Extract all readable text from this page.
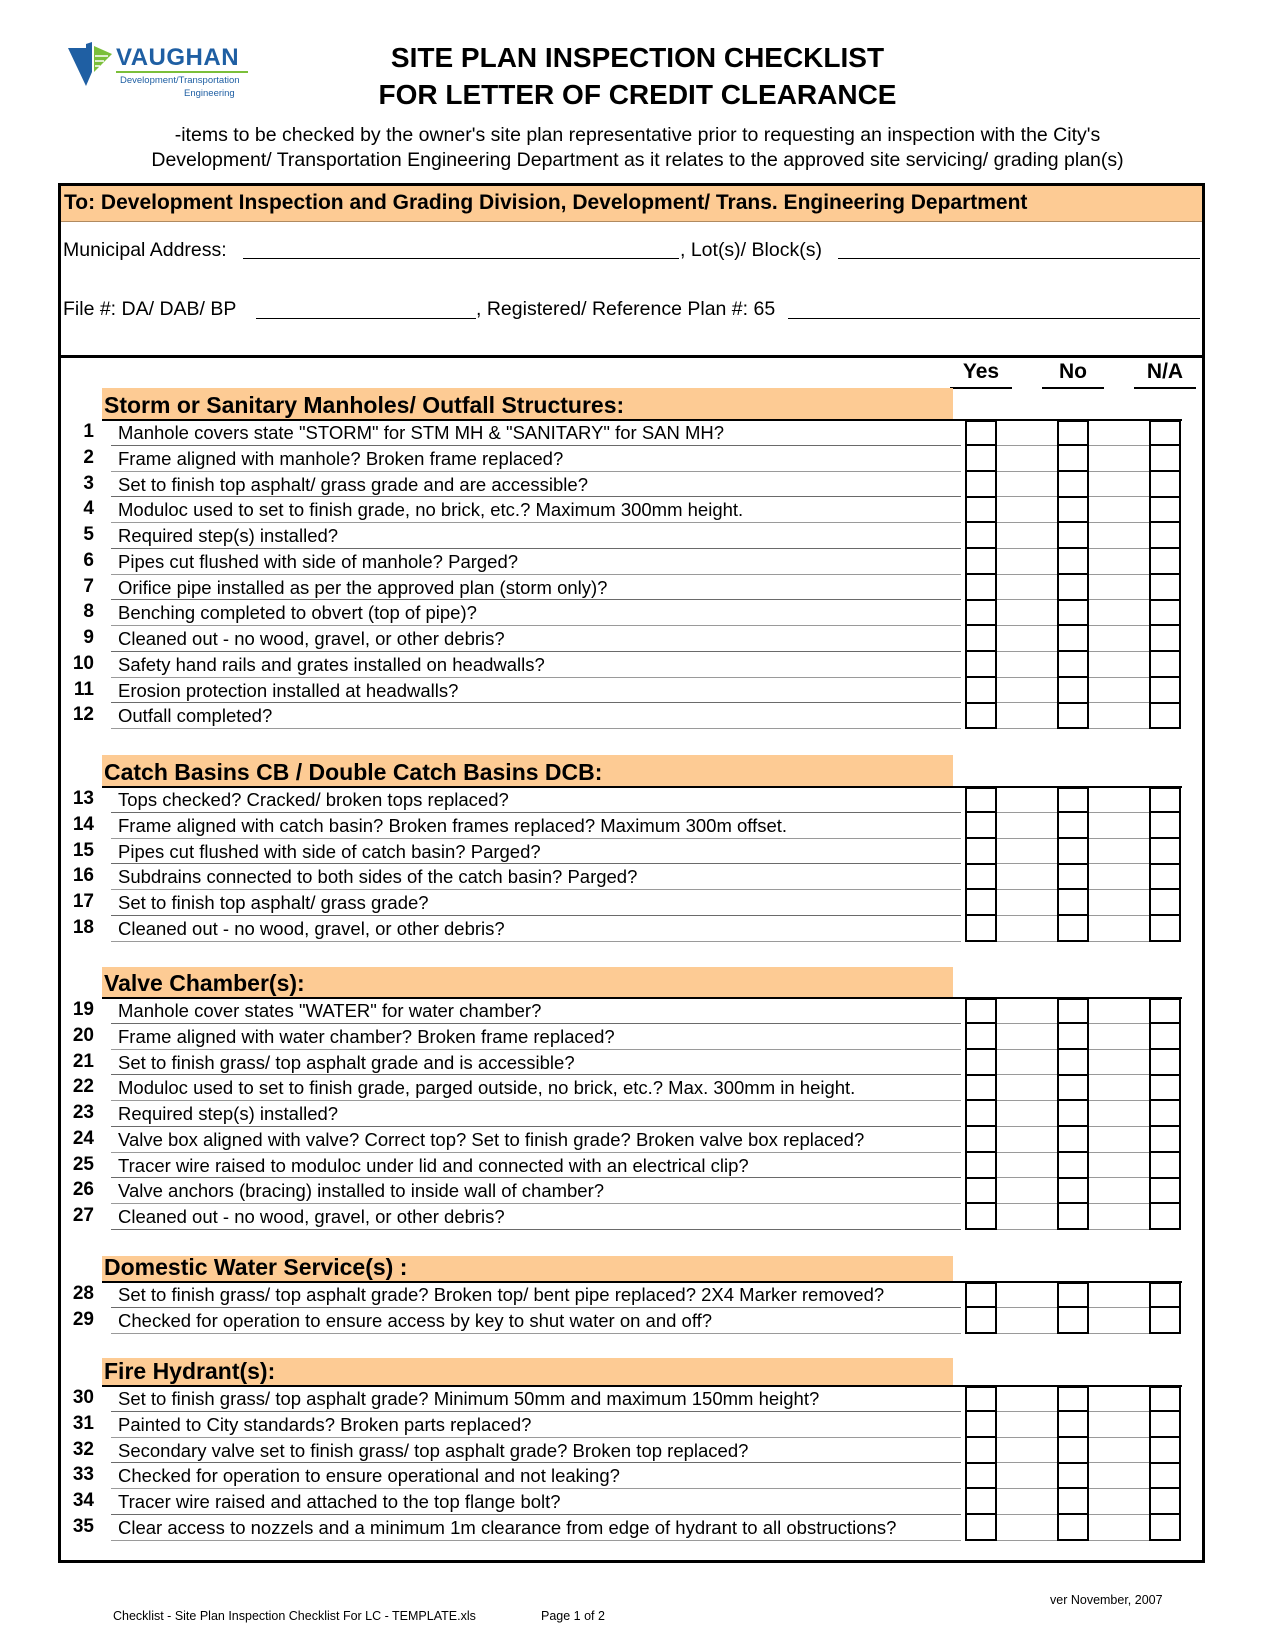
VAUGHAN
Development/Transportation
Engineering
SITE PLAN INSPECTION CHECKLIST
FOR LETTER OF CREDIT CLEARANCE
-items to be checked by the owner's site plan representative prior to requesting an inspection with the City's
Development/ Transportation Engineering Department as it relates to the approved site servicing/ grading plan(s)
To: Development Inspection and Grading Division, Development/ Trans. Engineering Department
Municipal Address:	, Lot(s)/ Block(s)
File #: DA/ DAB/ BP	, Registered/ Reference Plan #: 65
Yes	No	N/A
Storm or Sanitary Manholes/ Outfall Structures:
1 Manhole covers state "STORM" for STM MH & "SANITARY" for SAN MH?
2 Frame aligned with manhole? Broken frame replaced?
3 Set to finish top asphalt/ grass grade and are accessible?
4 Moduloc used to set to finish grade, no brick, etc.? Maximum 300mm height.
5 Required step(s) installed?
6 Pipes cut flushed with side of manhole? Parged?
7 Orifice pipe installed as per the approved plan (storm only)?
8 Benching completed to obvert (top of pipe)?
9 Cleaned out - no wood, gravel, or other debris?
10 Safety hand rails and grates installed on headwalls?
11 Erosion protection installed at headwalls?
12 Outfall completed?
Catch Basins CB / Double Catch Basins DCB:
13 Tops checked? Cracked/ broken tops replaced?
14 Frame aligned with catch basin? Broken frames replaced? Maximum 300m offset.
15 Pipes cut flushed with side of catch basin? Parged?
16 Subdrains connected to both sides of the catch basin? Parged?
17 Set to finish top asphalt/ grass grade?
18 Cleaned out - no wood, gravel, or other debris?
Valve Chamber(s):
19 Manhole cover states "WATER" for water chamber?
20 Frame aligned with water chamber? Broken frame replaced?
21 Set to finish grass/ top asphalt grade and is accessible?
22 Moduloc used to set to finish grade, parged outside, no brick, etc.? Max. 300mm in height.
23 Required step(s) installed?
24 Valve box aligned with valve? Correct top? Set to finish grade? Broken valve box replaced?
25 Tracer wire raised to moduloc under lid and connected with an electrical clip?
26 Valve anchors (bracing) installed to inside wall of chamber?
27 Cleaned out - no wood, gravel, or other debris?
Domestic Water Service(s) :
28 Set to finish grass/ top asphalt grade? Broken top/ bent pipe replaced? 2X4 Marker removed?
29 Checked for operation to ensure access by key to shut water on and off?
Fire Hydrant(s):
30 Set to finish grass/ top asphalt grade? Minimum 50mm and maximum 150mm height?
31 Painted to City standards? Broken parts replaced?
32 Secondary valve set to finish grass/ top asphalt grade? Broken top replaced?
33 Checked for operation to ensure operational and not leaking?
34 Tracer wire raised and attached to the top flange bolt?
35 Clear access to nozzels and a minimum 1m clearance from edge of hydrant to all obstructions?
ver November, 2007
Checklist - Site Plan Inspection Checklist For LC - TEMPLATE.xls	Page 1 of 2
